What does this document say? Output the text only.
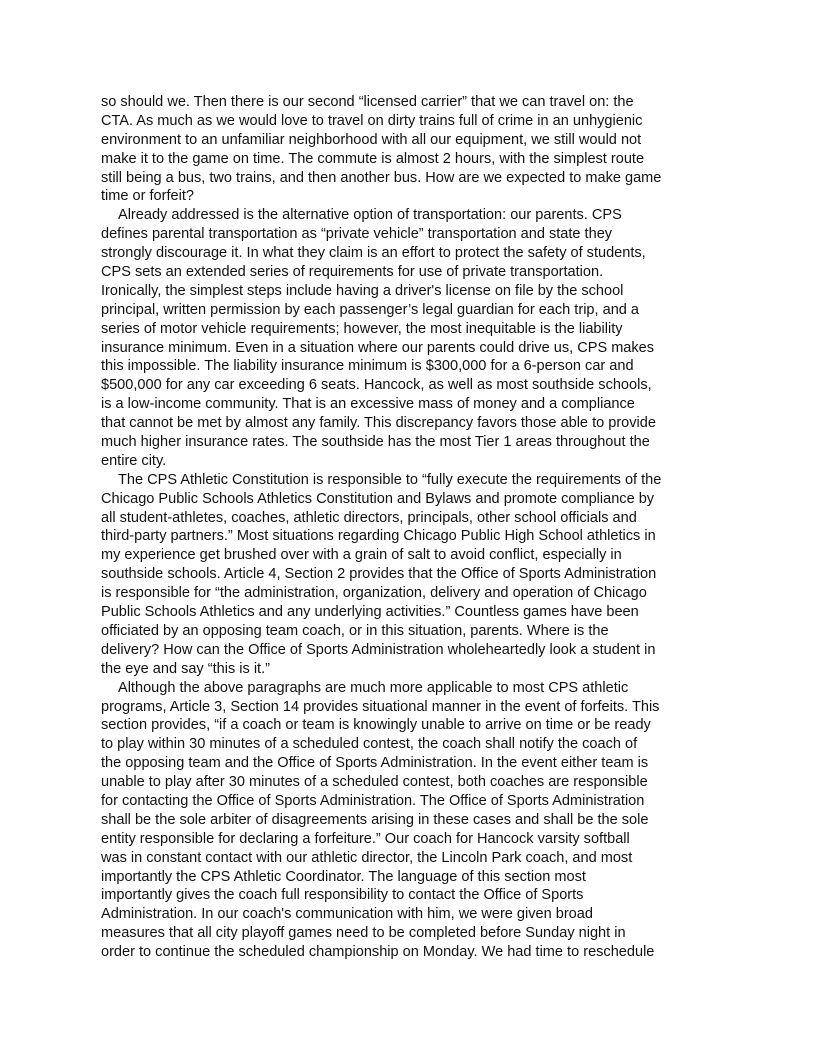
so should we. Then there is our second “licensed carrier” that we can travel on: the
CTA. As much as we would love to travel on dirty trains full of crime in an unhygienic
environment to an unfamiliar neighborhood with all our equipment, we still would not
make it to the game on time. The commute is almost 2 hours, with the simplest route
still being a bus, two trains, and then another bus. How are we expected to make game
time or forfeit?
Already addressed is the alternative option of transportation: our parents. CPS
defines parental transportation as “private vehicle” transportation and state they
strongly discourage it. In what they claim is an effort to protect the safety of students,
CPS sets an extended series of requirements for use of private transportation.
Ironically, the simplest steps include having a driver's license on file by the school
principal, written permission by each passenger’s legal guardian for each trip, and a
series of motor vehicle requirements; however, the most inequitable is the liability
insurance minimum. Even in a situation where our parents could drive us, CPS makes
this impossible. The liability insurance minimum is $300,000 for a 6-person car and
$500,000 for any car exceeding 6 seats. Hancock, as well as most southside schools,
is a low-income community. That is an excessive mass of money and a compliance
that cannot be met by almost any family. This discrepancy favors those able to provide
much higher insurance rates. The southside has the most Tier 1 areas throughout the
entire city.
The CPS Athletic Constitution is responsible to “fully execute the requirements of the
Chicago Public Schools Athletics Constitution and Bylaws and promote compliance by
all student-athletes, coaches, athletic directors, principals, other school officials and
third-party partners.” Most situations regarding Chicago Public High School athletics in
my experience get brushed over with a grain of salt to avoid conflict, especially in
southside schools. Article 4, Section 2 provides that the Office of Sports Administration
is responsible for “the administration, organization, delivery and operation of Chicago
Public Schools Athletics and any underlying activities.” Countless games have been
officiated by an opposing team coach, or in this situation, parents. Where is the
delivery? How can the Office of Sports Administration wholeheartedly look a student in
the eye and say “this is it.”
Although the above paragraphs are much more applicable to most CPS athletic
programs, Article 3, Section 14 provides situational manner in the event of forfeits. This
section provides, “if a coach or team is knowingly unable to arrive on time or be ready
to play within 30 minutes of a scheduled contest, the coach shall notify the coach of
the opposing team and the Office of Sports Administration. In the event either team is
unable to play after 30 minutes of a scheduled contest, both coaches are responsible
for contacting the Office of Sports Administration. The Office of Sports Administration
shall be the sole arbiter of disagreements arising in these cases and shall be the sole
entity responsible for declaring a forfeiture.” Our coach for Hancock varsity softball
was in constant contact with our athletic director, the Lincoln Park coach, and most
importantly the CPS Athletic Coordinator. The language of this section most
importantly gives the coach full responsibility to contact the Office of Sports
Administration. In our coach's communication with him, we were given broad
measures that all city playoff games need to be completed before Sunday night in
order to continue the scheduled championship on Monday. We had time to reschedule
